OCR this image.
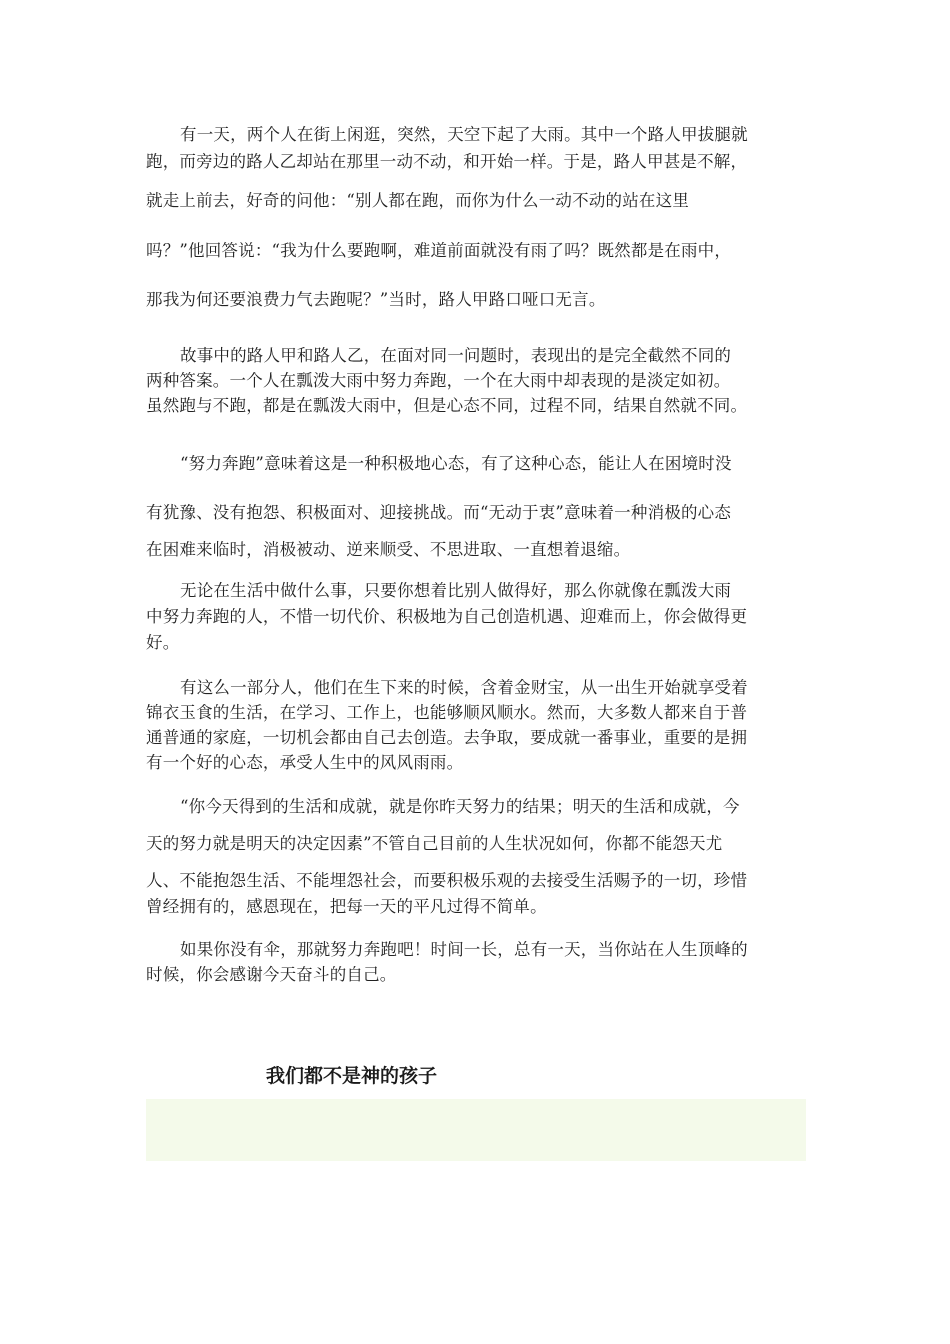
有一天，两个人在街上闲逛，突然，天空下起了大雨。其中一个路人甲拔腿就
跑，而旁边的路人乙却站在那里一动不动，和开始一样。于是，路人甲甚是不解，
就走上前去，好奇的问他：“别人都在跑，而你为什么一动不动的站在这里
吗？”他回答说：“我为什么要跑啊，难道前面就没有雨了吗？既然都是在雨中，
那我为何还要浪费力气去跑呢？”当时，路人甲路口哑口无言。
故事中的路人甲和路人乙，在面对同一问题时，表现出的是完全截然不同的
两种答案。一个人在瓢泼大雨中努力奔跑，一个在大雨中却表现的是淡定如初。
虽然跑与不跑，都是在瓢泼大雨中，但是心态不同，过程不同，结果自然就不同。
“努力奔跑”意味着这是一种积极地心态，有了这种心态，能让人在困境时没
有犹豫、没有抱怨、积极面对、迎接挑战。而“无动于衷”意味着一种消极的心态
在困难来临时，消极被动、逆来顺受、不思进取、一直想着退缩。
无论在生活中做什么事，只要你想着比别人做得好，那么你就像在瓢泼大雨
中努力奔跑的人，不惜一切代价、积极地为自己创造机遇、迎难而上，你会做得更
好。
有这么一部分人，他们在生下来的时候，含着金财宝，从一出生开始就享受着
锦衣玉食的生活，在学习、工作上，也能够顺风顺水。然而，大多数人都来自于普
通普通的家庭，一切机会都由自己去创造。去争取，要成就一番事业，重要的是拥
有一个好的心态，承受人生中的风风雨雨。
“你今天得到的生活和成就，就是你昨天努力的结果；明天的生活和成就，今
天的努力就是明天的决定因素”不管自己目前的人生状况如何，你都不能怨天尤
人、不能抱怨生活、不能埋怨社会，而要积极乐观的去接受生活赐予的一切，珍惜
曾经拥有的，感恩现在，把每一天的平凡过得不简单。
如果你没有伞，那就努力奔跑吧！时间一长，总有一天，当你站在人生顶峰的
时候，你会感谢今天奋斗的自己。
我们都不是神的孩子
